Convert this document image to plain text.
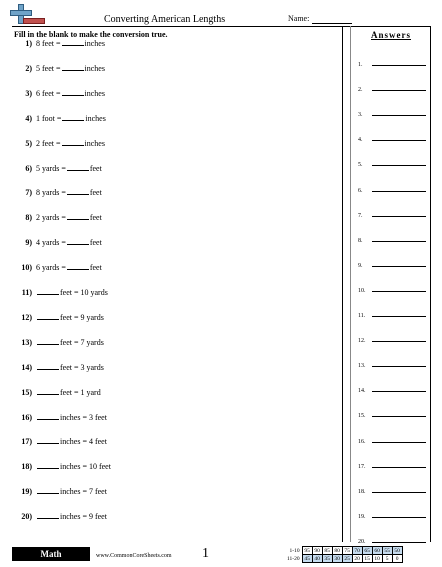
Converting American Lengths	Name:
Fill in the blank to make the conversion true.	Answers
1) 8 feet =	inches
2) 5 feet =	inches
3) 6 feet =	inches
4) 1 foot =	inches
5) 2 feet =	inches
6) 5 yards =	feet
7) 8 yards =	feet
8) 2 yards =	feet
9) 4 yards =	feet
10) 6 yards =	feet
11)	feet = 10 yards
12)	feet = 9 yards
13)	feet = 7 yards
14)	feet = 3 yards
15)	feet = 1 yard
16)	inches = 3 feet
17)	inches = 4 feet
18)	inches = 10 feet
19)	inches = 7 feet
20)	inches = 9 feet
1.
2.
3.
4.
5.
6.
7.
8.
9.
10.
11.
12.
13.
14.
15.
16.
17.
18.
19.
20.
Math	www.CommonCoreSheets.com 1	1-10	95	90	85	80	75	70	65	60	55	50
11-20	45	40	35	30	25	20	15	10	5	0
